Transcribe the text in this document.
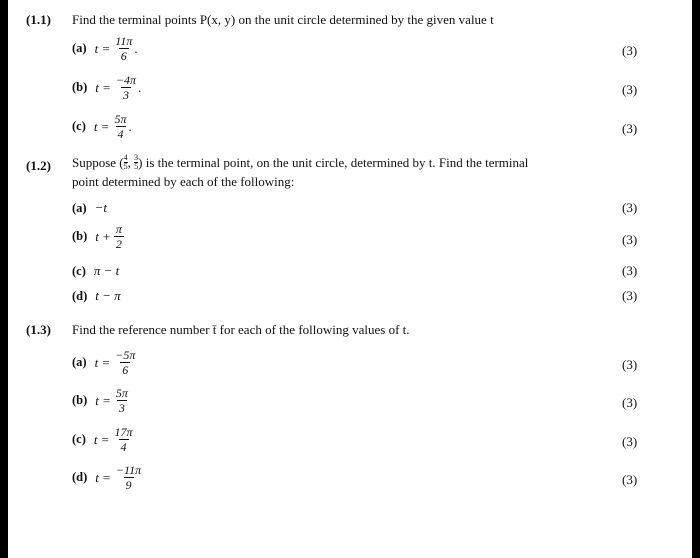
(1.1) Find the terminal points P(x, y) on the unit circle determined by the given value t
(a) $t = \frac{11\pi}{6}$ .	(3)
(b) $t = \frac{-4\pi}{3}$ .	(3)
(c) $t = \frac{5\pi}{4}$ .	(3)
(1.2) Suppose ( $\frac{4}{5}$ , $\frac{3}{5}$ ) is the terminal point, on the unit circle, determined by t. Find the terminal
point determined by each of the following:
(a) −t	(3)
(b) $t + \frac{\pi}{2}$	(3)
(c) π − t	(3)
(d) t − π	(3)
(1.3) Find the reference number t̄ for each of the following values of t.
(a) $t = \frac{-5\pi}{6}$	(3)
(b) $t = \frac{5\pi}{3}$	(3)
(c) $t = \frac{17\pi}{4}$	(3)
(d) $t = \frac{-11\pi}{9}$	(3)
